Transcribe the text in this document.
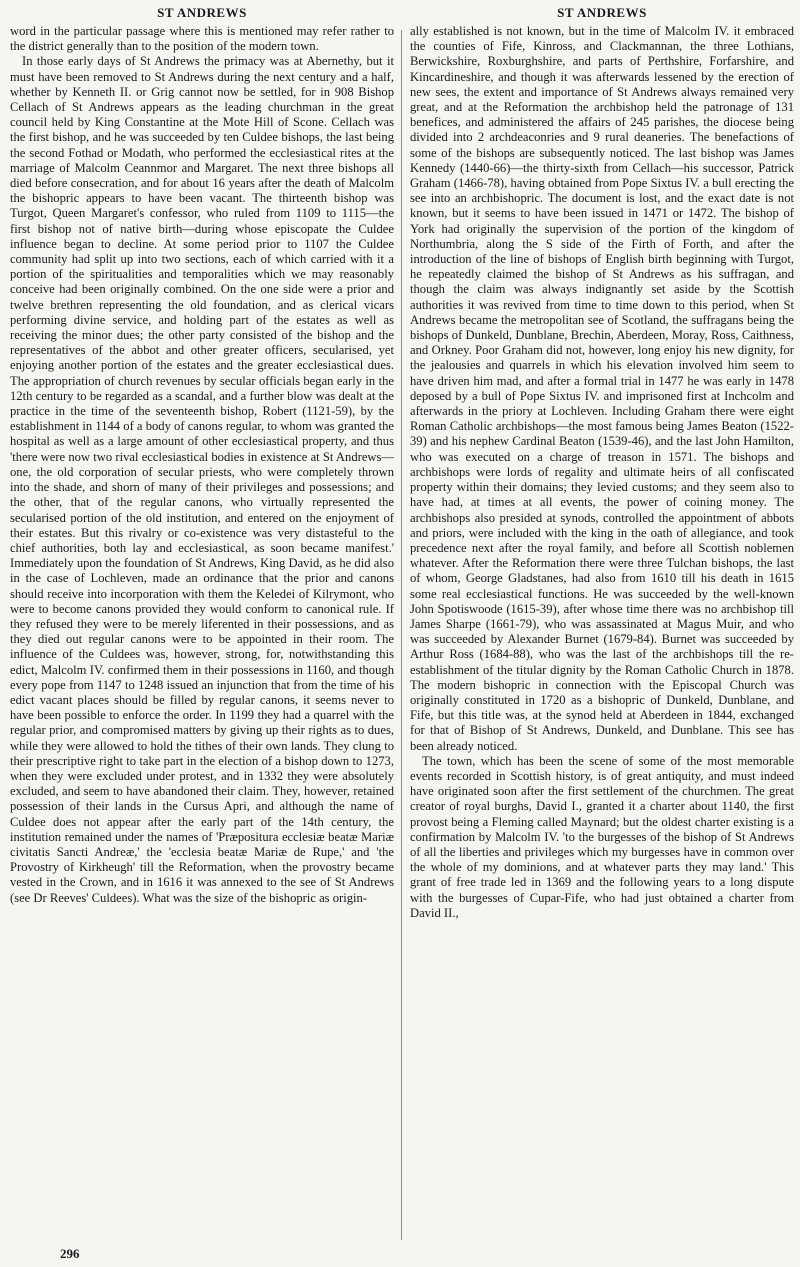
ST ANDREWS

word in the particular passage where this is mentioned may refer rather to the district generally than to the position of the modern town.

In those early days of St Andrews the primacy was at Abernethy, but it must have been removed to St Andrews during the next century and a half, whether by Kenneth II. or Grig cannot now be settled, for in 908 Bishop Cellach of St Andrews appears as the leading churchman in the great council held by King Constantine at the Mote Hill of Scone. Cellach was the first bishop, and he was succeeded by ten Culdee bishops, the last being the second Fothad or Modath, who performed the ecclesiastical rites at the marriage of Malcolm Ceannmor and Margaret. The next three bishops all died before consecration, and for about 16 years after the death of Malcolm the bishopric appears to have been vacant. The thirteenth bishop was Turgot, Queen Margaret's confessor, who ruled from 1109 to 1115—the first bishop not of native birth—during whose episcopate the Culdee influence began to decline. At some period prior to 1107 the Culdee community had split up into two sections, each of which carried with it a portion of the spiritualities and temporalities which we may reasonably conceive had been originally combined. On the one side were a prior and twelve brethren representing the old foundation, and as clerical vicars performing divine service, and holding part of the estates as well as receiving the minor dues; the other party consisted of the bishop and the representatives of the abbot and other greater officers, secularised, yet enjoying another portion of the estates and the greater ecclesiastical dues. The appropriation of church revenues by secular officials began early in the 12th century to be regarded as a scandal, and a further blow was dealt at the practice in the time of the seventeenth bishop, Robert (1121-59), by the establishment in 1144 of a body of canons regular, to whom was granted the hospital as well as a large amount of other ecclesiastical property, and thus 'there were now two rival ecclesiastical bodies in existence at St Andrews—one, the old corporation of secular priests, who were completely thrown into the shade, and shorn of many of their privileges and possessions; and the other, that of the regular canons, who virtually represented the secularised portion of the old institution, and entered on the enjoyment of their estates. But this rivalry or co-existence was very distasteful to the chief authorities, both lay and ecclesiastical, as soon became manifest.' Immediately upon the foundation of St Andrews, King David, as he did also in the case of Lochleven, made an ordinance that the prior and canons should receive into incorporation with them the Keledei of Kilrymont, who were to become canons provided they would conform to canonical rule. If they refused they were to be merely liferented in their possessions, and as they died out regular canons were to be appointed in their room. The influence of the Culdees was, however, strong, for, notwithstanding this edict, Malcolm IV. confirmed them in their possessions in 1160, and though every pope from 1147 to 1248 issued an injunction that from the time of his edict vacant places should be filled by regular canons, it seems never to have been possible to enforce the order. In 1199 they had a quarrel with the regular prior, and compromised matters by giving up their rights as to dues, while they were allowed to hold the tithes of their own lands. They clung to their prescriptive right to take part in the election of a bishop down to 1273, when they were excluded under protest, and in 1332 they were absolutely excluded, and seem to have abandoned their claim. They, however, retained possession of their lands in the Cursus Apri, and although the name of Culdee does not appear after the early part of the 14th century, the institution remained under the names of 'Præpositura ecclesiæ beatæ Mariæ civitatis Sancti Andreæ,' the 'ecclesia beatæ Mariæ de Rupe,' and 'the Provostry of Kirkheugh' till the Reformation, when the provostry became vested in the Crown, and in 1616 it was annexed to the see of St Andrews (see Dr Reeves' Culdees). What was the size of the bishopric as origin-

ST ANDREWS

ally established is not known, but in the time of Malcolm IV. it embraced the counties of Fife, Kinross, and Clackmannan, the three Lothians, Berwickshire, Roxburghshire, and parts of Perthshire, Forfarshire, and Kincardineshire, and though it was afterwards lessened by the erection of new sees, the extent and importance of St Andrews always remained very great, and at the Reformation the archbishop held the patronage of 131 benefices, and administered the affairs of 245 parishes, the diocese being divided into 2 archdeaconries and 9 rural deaneries. The benefactions of some of the bishops are subsequently noticed. The last bishop was James Kennedy (1440-66)—the thirty-sixth from Cellach—his successor, Patrick Graham (1466-78), having obtained from Pope Sixtus IV. a bull erecting the see into an archbishopric. The document is lost, and the exact date is not known, but it seems to have been issued in 1471 or 1472. The bishop of York had originally the supervision of the portion of the kingdom of Northumbria, along the S side of the Firth of Forth, and after the introduction of the line of bishops of English birth beginning with Turgot, he repeatedly claimed the bishop of St Andrews as his suffragan, and though the claim was always indignantly set aside by the Scottish authorities it was revived from time to time down to this period, when St Andrews became the metropolitan see of Scotland, the suffragans being the bishops of Dunkeld, Dunblane, Brechin, Aberdeen, Moray, Ross, Caithness, and Orkney. Poor Graham did not, however, long enjoy his new dignity, for the jealousies and quarrels in which his elevation involved him seem to have driven him mad, and after a formal trial in 1477 he was early in 1478 deposed by a bull of Pope Sixtus IV. and imprisoned first at Inchcolm and afterwards in the priory at Lochleven. Including Graham there were eight Roman Catholic archbishops—the most famous being James Beaton (1522-39) and his nephew Cardinal Beaton (1539-46), and the last John Hamilton, who was executed on a charge of treason in 1571. The bishops and archbishops were lords of regality and ultimate heirs of all confiscated property within their domains; they levied customs; and they seem also to have had, at times at all events, the power of coining money. The archbishops also presided at synods, controlled the appointment of abbots and priors, were included with the king in the oath of allegiance, and took precedence next after the royal family, and before all Scottish noblemen whatever. After the Reformation there were three Tulchan bishops, the last of whom, George Gladstanes, had also from 1610 till his death in 1615 some real ecclesiastical functions. He was succeeded by the well-known John Spotiswoode (1615-39), after whose time there was no archbishop till James Sharpe (1661-79), who was assassinated at Magus Muir, and who was succeeded by Alexander Burnet (1679-84). Burnet was succeeded by Arthur Ross (1684-88), who was the last of the archbishops till the re-establishment of the titular dignity by the Roman Catholic Church in 1878. The modern bishopric in connection with the Episcopal Church was originally constituted in 1720 as a bishopric of Dunkeld, Dunblane, and Fife, but this title was, at the synod held at Aberdeen in 1844, exchanged for that of Bishop of St Andrews, Dunkeld, and Dunblane. This see has been already noticed.

The town, which has been the scene of some of the most memorable events recorded in Scottish history, is of great antiquity, and must indeed have originated soon after the first settlement of the churchmen. The great creator of royal burghs, David I., granted it a charter about 1140, the first provost being a Fleming called Maynard; but the oldest charter existing is a confirmation by Malcolm IV. 'to the burgesses of the bishop of St Andrews of all the liberties and privileges which my burgesses have in common over the whole of my dominions, and at whatever parts they may land.' This grant of free trade led in 1369 and the following years to a long dispute with the burgesses of Cupar-Fife, who had just obtained a charter from David II.,

296
